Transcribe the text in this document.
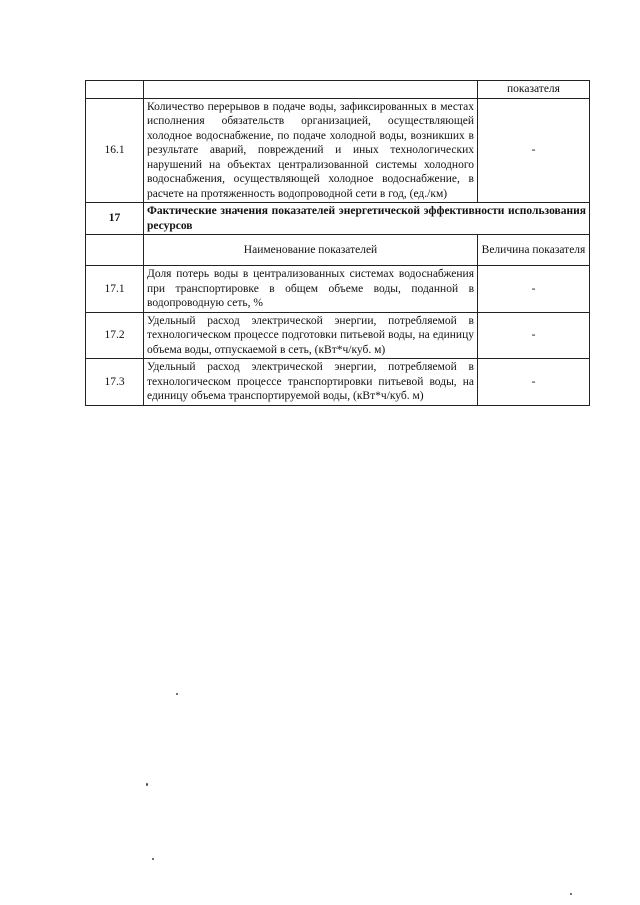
		показателя
16.1	Количество перерывов в подаче воды, зафиксированных в местах исполнения обязательств организацией, осуществляющей холодное водоснабжение, по подаче холодной воды, возникших в результате аварий, повреждений и иных технологических нарушений на объектах централизованной системы холодного водоснабжения, осуществляющей холодное водоснабжение, в расчете на протяженность водопроводной сети в год, (ед./км)	-
17	Фактические значения показателей энергетической эффективности использования ресурсов	
	Наименование показателей	Величина показателя
17.1	Доля потерь воды в централизованных системах водоснабжения при транспортировке в общем объеме воды, поданной в водопроводную сеть, %	-
17.2	Удельный расход электрической энергии, потребляемой в технологическом процессе подготовки питьевой воды, на единицу объема воды, отпускаемой в сеть, (кВт*ч/куб. м)	-
17.3	Удельный расход электрической энергии, потребляемой в технологическом процессе транспортировки питьевой воды, на единицу объема транспортируемой воды, (кВт*ч/куб. м)	-
